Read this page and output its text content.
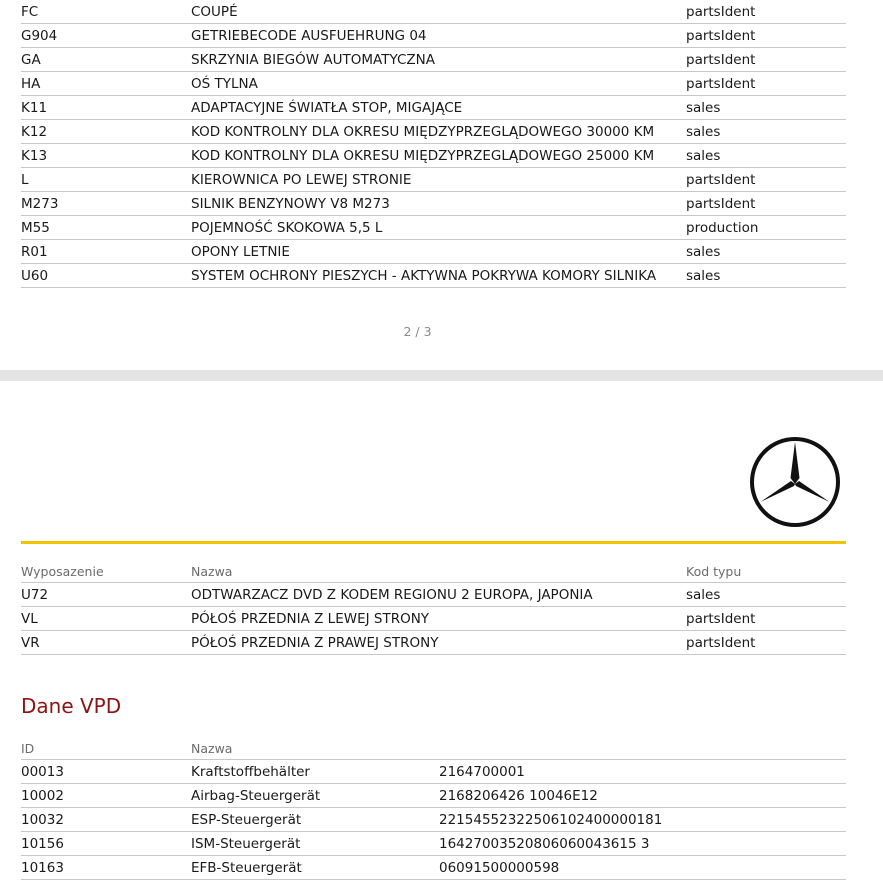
FC	COUPÉ	partsIdent
G904	GETRIEBECODE AUSFUEHRUNG 04	partsIdent
GA	SKRZYNIA BIEGÓW AUTOMATYCZNA	partsIdent
HA	OŚ TYLNA	partsIdent
K11	ADAPTACYJNE ŚWIATŁA STOP, MIGAJĄCE	sales
K12	KOD KONTROLNY DLA OKRESU MIĘDZYPRZEGLĄDOWEGO 30000 KM	sales
K13	KOD KONTROLNY DLA OKRESU MIĘDZYPRZEGLĄDOWEGO 25000 KM	sales
L	KIEROWNICA PO LEWEJ STRONIE	partsIdent
M273	SILNIK BENZYNOWY V8 M273	partsIdent
M55	POJEMNOŚĆ SKOKOWA 5,5 L	production
R01	OPONY LETNIE	sales
U60	SYSTEM OCHRONY PIESZYCH - AKTYWNA POKRYWA KOMORY SILNIKA	sales
2 / 3
Wyposazenie	Nazwa	Kod typu
U72	ODTWARZACZ DVD Z KODEM REGIONU 2 EUROPA, JAPONIA	sales
VL	PÓŁOŚ PRZEDNIA Z LEWEJ STRONY	partsIdent
VR	PÓŁOŚ PRZEDNIA Z PRAWEJ STRONY	partsIdent
Dane VPD
ID	Nazwa	
00013	Kraftstoffbehälter	2164700001
10002	Airbag-Steuergerät	2168206426 10046E12
10032	ESP-Steuergerät	22154552322506102400000181
10156	ISM-Steuergerät	16427003520806060043615 3
10163	EFB-Steuergerät	06091500000598
